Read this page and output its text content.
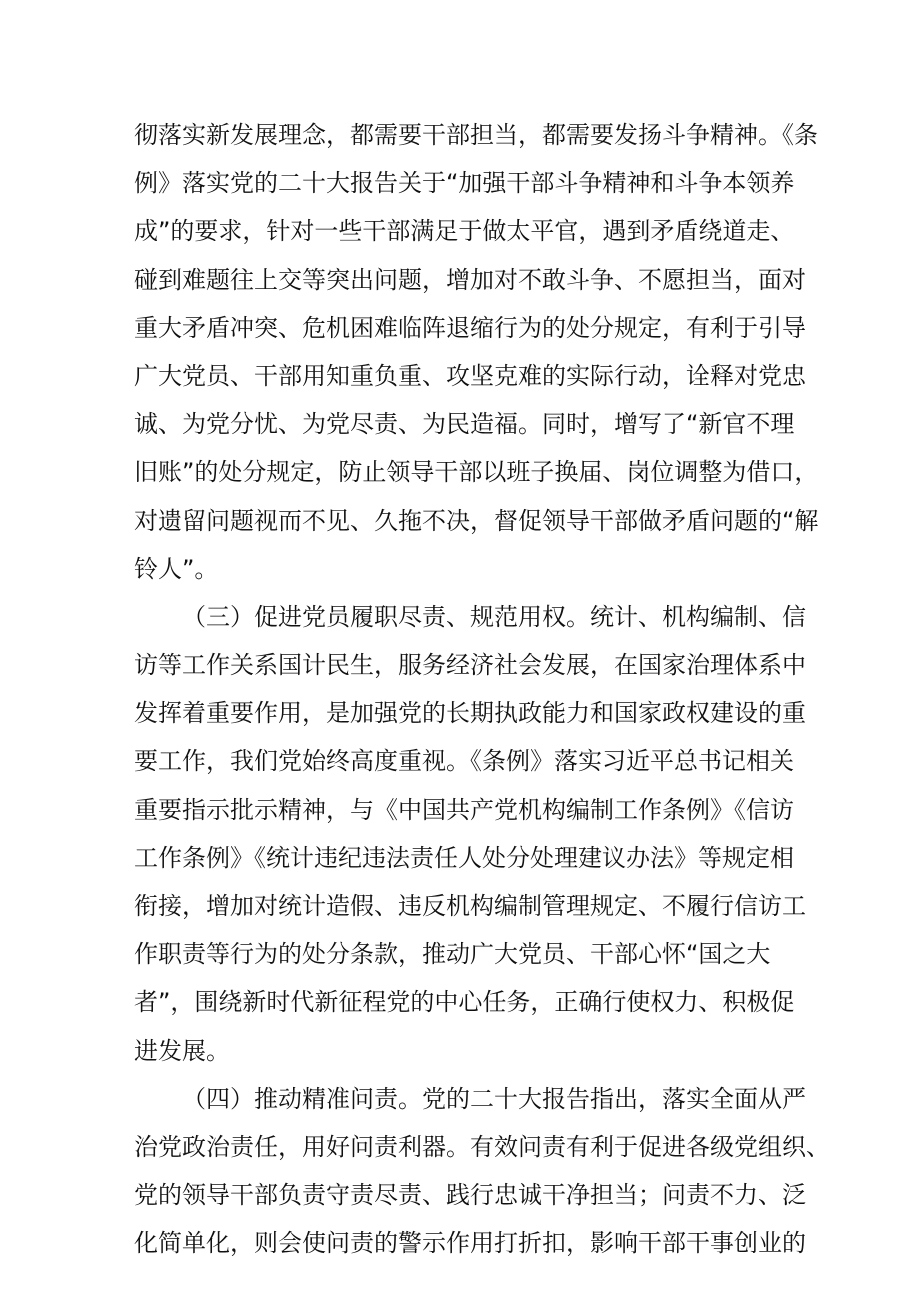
彻落实新发展理念，都需要干部担当，都需要发扬斗争精神。《条
例》落实党的二十大报告关于“加强干部斗争精神和斗争本领养
成”的要求，针对一些干部满足于做太平官，遇到矛盾绕道走、
碰到难题往上交等突出问题，增加对不敢斗争、不愿担当，面对
重大矛盾冲突、危机困难临阵退缩行为的处分规定，有利于引导
广大党员、干部用知重负重、攻坚克难的实际行动，诠释对党忠
诚、为党分忧、为党尽责、为民造福。同时，增写了“新官不理
旧账”的处分规定，防止领导干部以班子换届、岗位调整为借口，
对遗留问题视而不见、久拖不决，督促领导干部做矛盾问题的“解
铃人”。
（三）促进党员履职尽责、规范用权。统计、机构编制、信
访等工作关系国计民生，服务经济社会发展，在国家治理体系中
发挥着重要作用，是加强党的长期执政能力和国家政权建设的重
要工作，我们党始终高度重视。《条例》落实习近平总书记相关
重要指示批示精神，与《中国共产党机构编制工作条例》《信访
工作条例》《统计违纪违法责任人处分处理建议办法》等规定相
衔接，增加对统计造假、违反机构编制管理规定、不履行信访工
作职责等行为的处分条款，推动广大党员、干部心怀“国之大
者”，围绕新时代新征程党的中心任务，正确行使权力、积极促
进发展。
（四）推动精准问责。党的二十大报告指出，落实全面从严
治党政治责任，用好问责利器。有效问责有利于促进各级党组织、
党的领导干部负责守责尽责、践行忠诚干净担当；问责不力、泛
化简单化，则会使问责的警示作用打折扣，影响干部干事创业的
